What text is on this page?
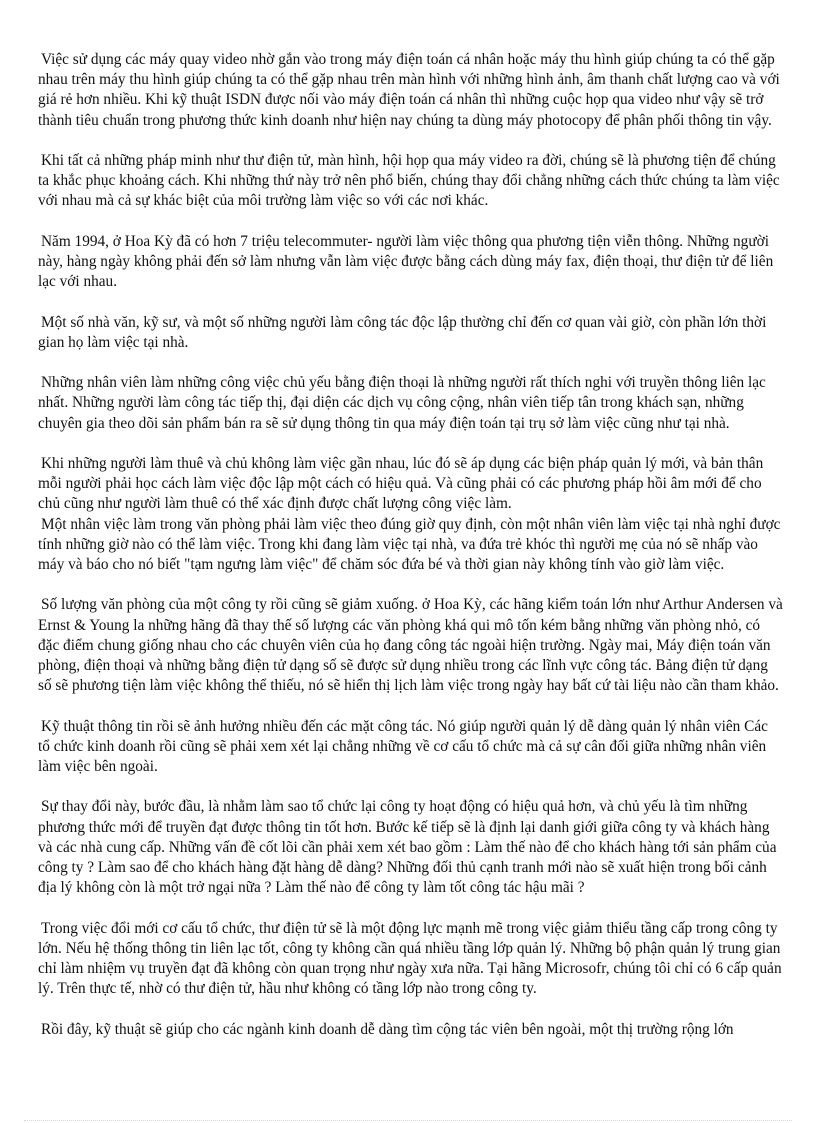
Việc sử dụng các máy quay video nhờ gắn vào trong máy điện toán cá nhân hoặc máy thu hình giúp chúng ta có thể gặp nhau trên máy thu hình giúp chúng ta có thể gặp nhau trên màn hình với những hình ảnh, âm thanh chất lượng cao và với giá rẻ hơn nhiều. Khi kỹ thuật ISDN được nối vào máy điện toán cá nhân thì những cuộc họp qua video như vậy sẽ trở thành tiêu chuẩn trong phương thức kinh doanh như hiện nay chúng ta dùng máy photocopy để phân phối thông tin vậy.

Khi tất cả những pháp minh như thư điện tử, màn hình, hội họp qua máy video ra đời, chúng sẽ là phương tiện để chúng ta khắc phục khoảng cách. Khi những thứ này trở nên phổ biến, chúng thay đổi chẳng những cách thức chúng ta làm việc với nhau mà cả sự khác biệt của môi trường làm việc so với các nơi khác.

Năm 1994, ở Hoa Kỳ đã có hơn 7 triệu telecommuter- người làm việc thông qua phương tiện viễn thông. Những người này, hàng ngày không phải đến sở làm nhưng vẫn làm việc được bằng cách dùng máy fax, điện thoại, thư điện tử để liên lạc với nhau.

Một số nhà văn, kỹ sư, và một số những người làm công tác độc lập thường chỉ đến cơ quan vài giờ, còn phần lớn thời gian họ làm việc tại nhà.

Những nhân viên làm những công việc chủ yếu bằng điện thoại là những người rất thích nghi với truyền thông liên lạc nhất. Những người làm công tác tiếp thị, đại diện các dịch vụ công cộng, nhân viên tiếp tân trong khách sạn, những chuyên gia theo dõi sản phẩm bán ra sẽ sử dụng thông tin qua máy điện toán tại trụ sở làm việc cũng như tại nhà.

Khi những người làm thuê và chủ không làm việc gần nhau, lúc đó sẽ áp dụng các biện pháp quản lý mới, và bản thân mỗi người phải học cách làm việc độc lập một cách có hiệu quả. Và cũng phải có các phương pháp hồi âm mới để cho chủ cũng như người làm thuê có thể xác định được chất lượng công việc làm.

Một nhân việc làm trong văn phòng phải làm việc theo đúng giờ quy định, còn một nhân viên làm việc tại nhà nghỉ được tính những giờ nào có thể làm việc. Trong khi đang làm việc tại nhà, va đứa trẻ khóc thì người mẹ của nó sẽ nhấp vào máy và báo cho nó biết "tạm ngưng làm việc" để chăm sóc đứa bé và thời gian này không tính vào giờ làm việc.

Số lượng văn phòng của một công ty rồi cũng sẽ giảm xuống. ở Hoa Kỳ, các hãng kiểm toán lớn như Arthur Andersen và Ernst & Young la những hãng đã thay thế số lượng các văn phòng khá qui mô tốn kém bằng những văn phòng nhỏ, có đặc điểm chung giống nhau cho các chuyên viên của họ đang công tác ngoài hiện trường. Ngày mai, Máy điện toán văn phòng, điện thoại và những bằng điện tử dạng số sẽ được sử dụng nhiều trong các lĩnh vực công tác. Bảng điện tử dạng số sẽ phương tiện làm việc không thể thiếu, nó sẽ hiển thị lịch làm việc trong ngày hay bất cứ tài liệu nào cần tham khảo.

Kỹ thuật thông tin rồi sẽ ảnh hưởng nhiều đến các mặt công tác. Nó giúp người quản lý dễ dàng quản lý nhân viên Các tổ chức kinh doanh rồi cũng sẽ phải xem xét lại chẳng những về cơ cấu tổ chức mà cả sự cân đối giữa những nhân viên làm việc bên ngoài.

Sự thay đổi này, bước đầu, là nhằm làm sao tổ chức lại công ty hoạt động có hiệu quả hơn, và chủ yếu là tìm những phương thức mới để truyền đạt được thông tin tốt hơn. Bước kế tiếp sẽ là định lại danh giới giữa công ty và khách hàng và các nhà cung cấp. Những vấn đề cốt lõi cần phải xem xét bao gồm : Làm thế nào để cho khách hàng tới sản phẩm của công ty ? Làm sao để cho khách hàng đặt hàng dễ dàng? Những đối thủ cạnh tranh mới nào sẽ xuất hiện trong bối cảnh địa lý không còn là một trở ngại nữa ? Làm thế nào để công ty làm tốt công tác hậu mãi ?

Trong việc đổi mới cơ cấu tổ chức, thư điện tử sẽ là một động lực mạnh mẽ trong việc giảm thiểu tầng cấp trong công ty lớn. Nếu hệ thống thông tin liên lạc tốt, công ty không cần quá nhiều tầng lớp quản lý. Những bộ phận quản lý trung gian chỉ làm nhiệm vụ truyền đạt đã không còn quan trọng như ngày xưa nữa. Tại hãng Microsofr, chúng tôi chỉ có 6 cấp quản lý. Trên thực tế, nhờ có thư điện tử, hầu như không có tầng lớp nào trong công ty.

Rồi đây, kỹ thuật sẽ giúp cho các ngành kinh doanh dễ dàng tìm cộng tác viên bên ngoài, một thị trường rộng lớn
